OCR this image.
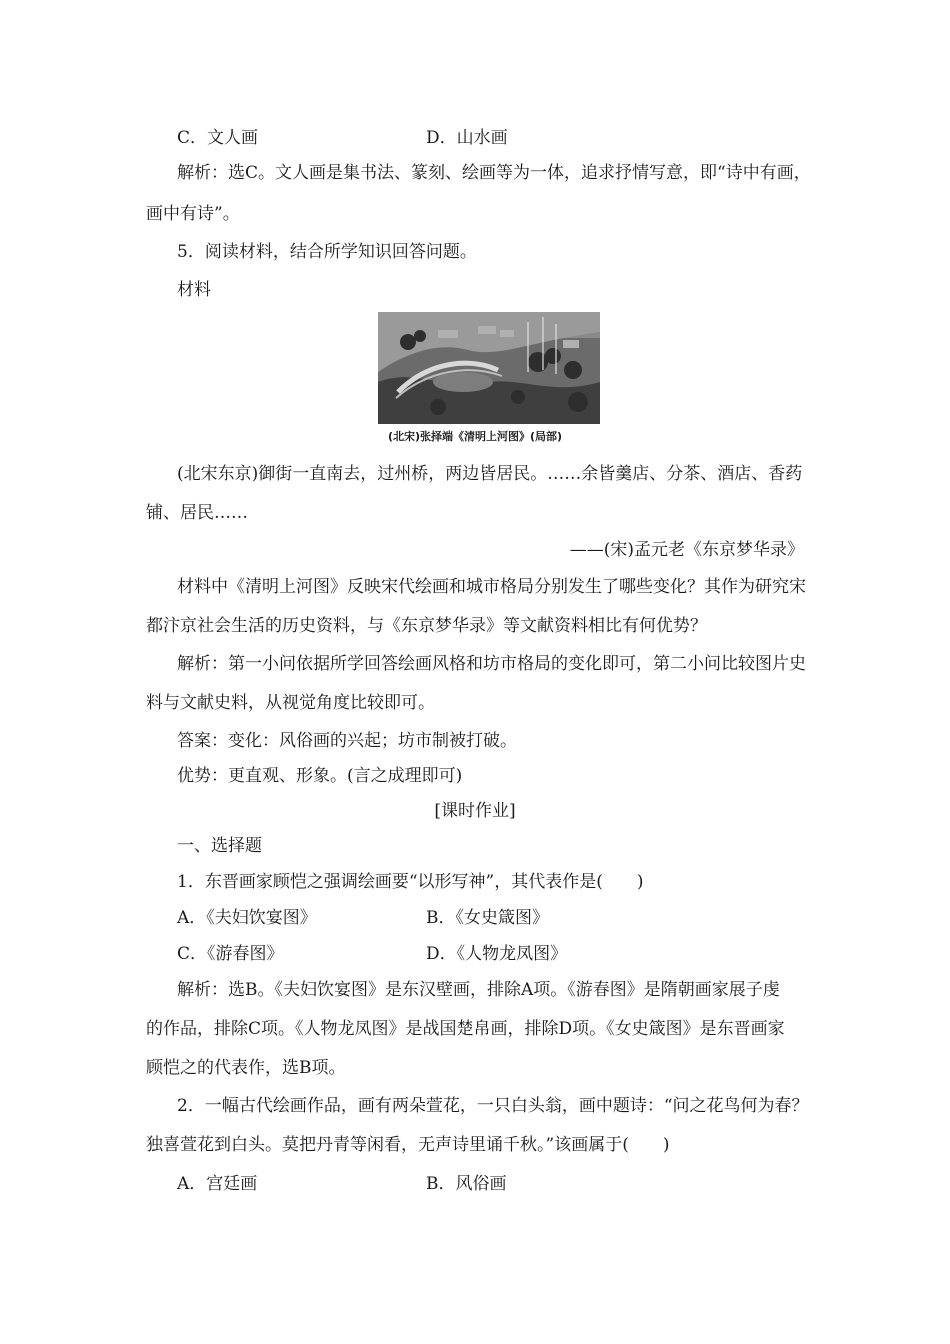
C．文人画	D．山水画
解析：选C。文人画是集书法、篆刻、绘画等为一体，追求抒情写意，即“诗中有画，
画中有诗”。
5．阅读材料，结合所学知识回答问题。
材料
(北宋)张择端《清明上河图》(局部)
(北宋东京)御街一直南去，过州桥，两边皆居民。……余皆羹店、分茶、酒店、香药
铺、居民……
——(宋)孟元老《东京梦华录》
材料中《清明上河图》反映宋代绘画和城市格局分别发生了哪些变化？其作为研究宋
都汴京社会生活的历史资料，与《东京梦华录》等文献资料相比有何优势？
解析：第一小问依据所学回答绘画风格和坊市格局的变化即可，第二小问比较图片史
料与文献史料，从视觉角度比较即可。
答案：变化：风俗画的兴起；坊市制被打破。
优势：更直观、形象。(言之成理即可)
[课时作业]
一、选择题
1．东晋画家顾恺之强调绘画要“以形写神”，其代表作是(　　)
A．《夫妇饮宴图》	B．《女史箴图》
C．《游春图》	D．《人物龙凤图》
解析：选B。《夫妇饮宴图》是东汉壁画，排除A项。《游春图》是隋朝画家展子虔
的作品，排除C项。《人物龙凤图》是战国楚帛画，排除D项。《女史箴图》是东晋画家
顾恺之的代表作，选B项。
2．一幅古代绘画作品，画有两朵萱花，一只白头翁，画中题诗：“问之花鸟何为春？
独喜萱花到白头。莫把丹青等闲看，无声诗里诵千秋。”该画属于(　　)
A．宫廷画	B．风俗画
